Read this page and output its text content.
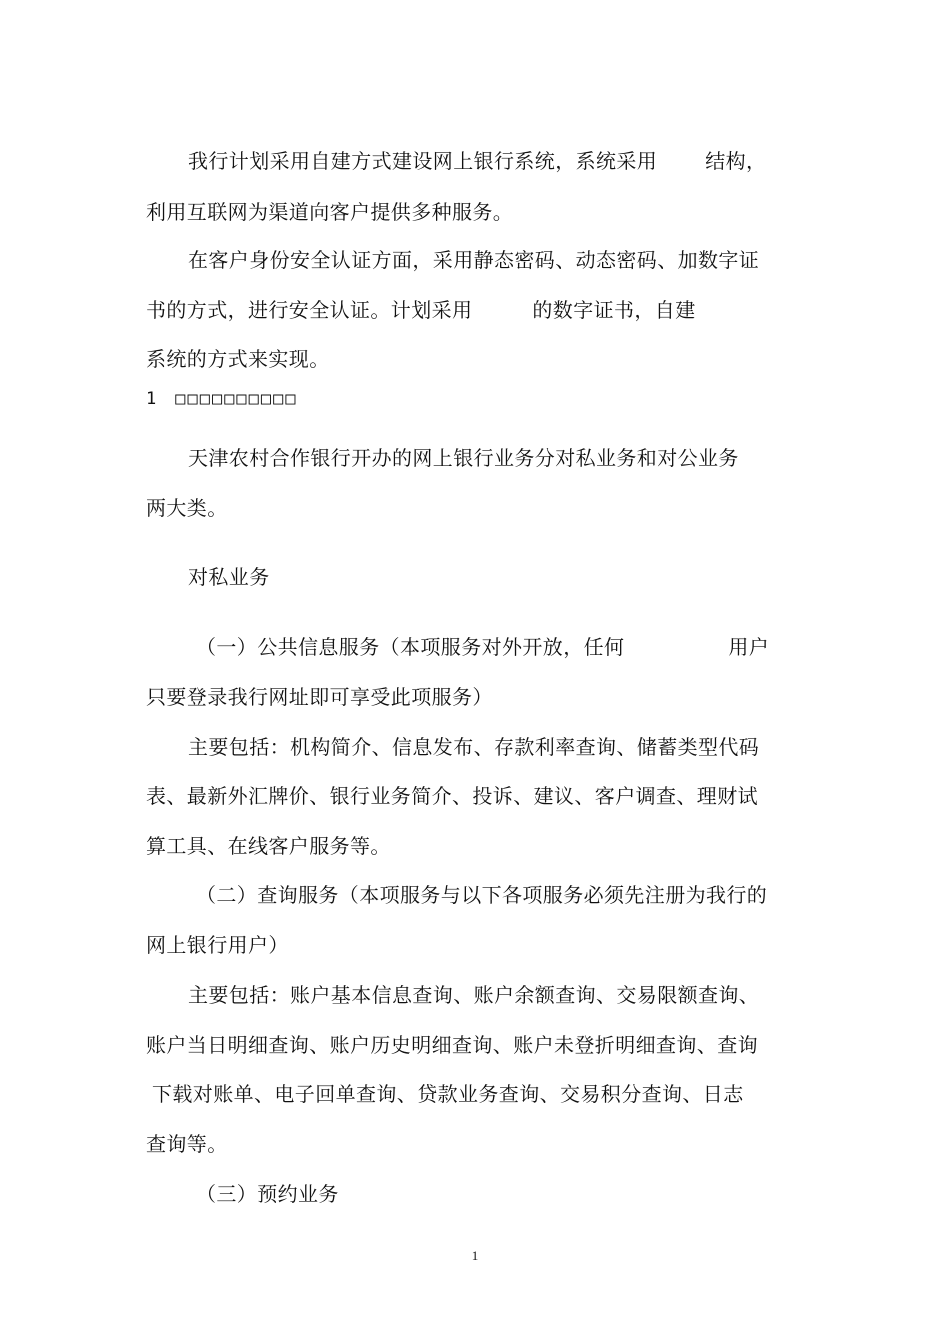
我行计划采用自建方式建设网上银行系统，系统采用 结构，
利用互联网为渠道向客户提供多种服务。
在客户身份安全认证方面，采用静态密码、动态密码、加数字证
书的方式，进行安全认证。计划采用	的数字证书，自建
系统的方式来实现。
1 □□□□□□□□□□
天津农村合作银行开办的网上银行业务分对私业务和对公业务
两大类。
对私业务
（一）公共信息服务（本项服务对外开放，任何	用户
只要登录我行网址即可享受此项服务）
主要包括：机构简介、信息发布、存款利率查询、储蓄类型代码
表、最新外汇牌价、银行业务简介、投诉、建议、客户调查、理财试
算工具、在线客户服务等。
（二）查询服务（本项服务与以下各项服务必须先注册为我行的
网上银行用户）
主要包括：账户基本信息查询、账户余额查询、交易限额查询、
账户当日明细查询、账户历史明细查询、账户未登折明细查询、查询
下载对账单、电子回单查询、贷款业务查询、交易积分查询、日志
查询等。
（三）预约业务
1
